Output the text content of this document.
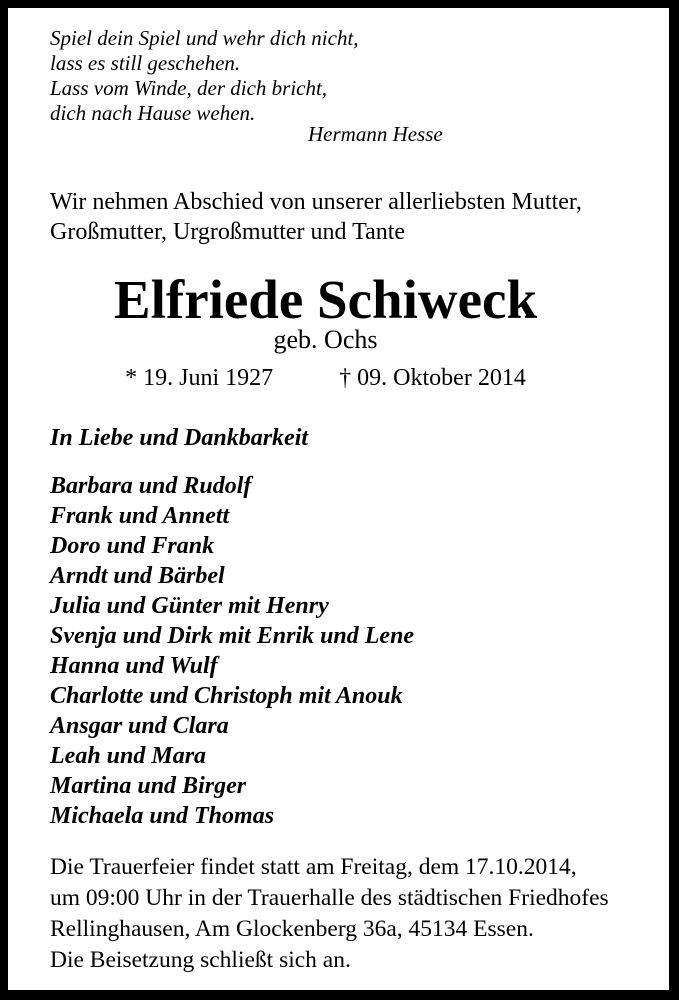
Spiel dein Spiel und wehr dich nicht,
lass es still geschehen.
Lass vom Winde, der dich bricht,
dich nach Hause wehen.
Hermann Hesse
Wir nehmen Abschied von unserer allerliebsten Mutter,
Großmutter, Urgroßmutter und Tante
Elfriede Schiweck
geb. Ochs
* 19. Juni 1927	† 09. Oktober 2014
In Liebe und Dankbarkeit
Barbara und Rudolf
Frank und Annett
Doro und Frank
Arndt und Bärbel
Julia und Günter mit Henry
Svenja und Dirk mit Enrik und Lene
Hanna und Wulf
Charlotte und Christoph mit Anouk
Ansgar und Clara
Leah und Mara
Martina und Birger
Michaela und Thomas
Die Trauerfeier findet statt am Freitag, dem 17.10.2014,
um 09:00 Uhr in der Trauerhalle des städtischen Friedhofes
Rellinghausen, Am Glockenberg 36a, 45134 Essen.
Die Beisetzung schließt sich an.
